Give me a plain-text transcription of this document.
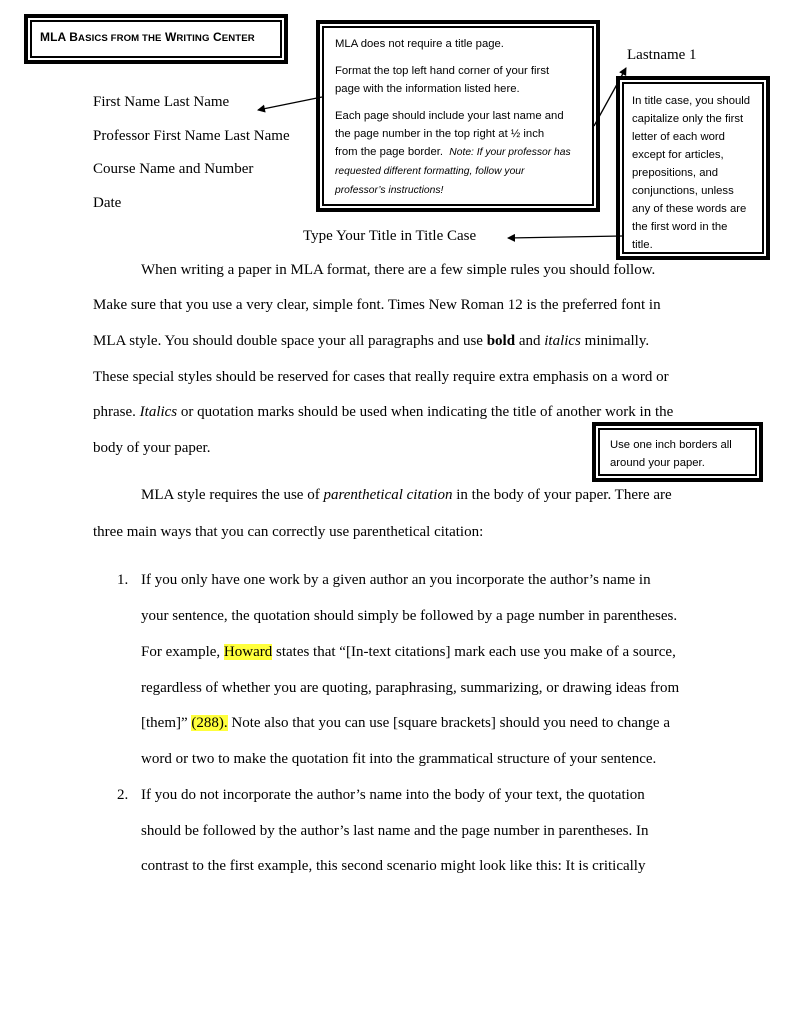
MLA BASICS FROM THE WRITING CENTER	MLA does not require a title page.

Format the top left hand corner of your first

page with the information listed here.

Each page should include your last name and

the page number in the top right at ½ inch

from the page border. Note: If your professor has

requested different formatting, follow your

professor’s instructions!

Lastname 1

In title case, you should

capitalize only the first

letter of each word

except for articles,

prepositions, and

conjunctions, unless

any of these words are

the first word in the

title.

First Name Last Name
Professor First Name Last Name
Course Name and Number
Date
Type Your Title in Title Case
When writing a paper in MLA format, there are a few simple rules you should follow.
Make sure that you use a very clear, simple font. Times New Roman 12 is the preferred font in
MLA style. You should double space your all paragraphs and use bold and italics minimally.
These special styles should be reserved for cases that really require extra emphasis on a word or
phrase. Italics or quotation marks should be used when indicating the title of another work in the
body of your paper.	Use one inch borders all

around your paper.

MLA style requires the use of parenthetical citation in the body of your paper. There are
three main ways that you can correctly use parenthetical citation:
1. If you only have one work by a given author an you incorporate the author’s name in
your sentence, the quotation should simply be followed by a page number in parentheses.
For example, Howard states that “[In-text citations] mark each use you make of a source,
regardless of whether you are quoting, paraphrasing, summarizing, or drawing ideas from
[them]” (288). Note also that you can use [square brackets] should you need to change a
word or two to make the quotation fit into the grammatical structure of your sentence.
2. If you do not incorporate the author’s name into the body of your text, the quotation
should be followed by the author’s last name and the page number in parentheses. In
contrast to the first example, this second scenario might look like this: It is critically
